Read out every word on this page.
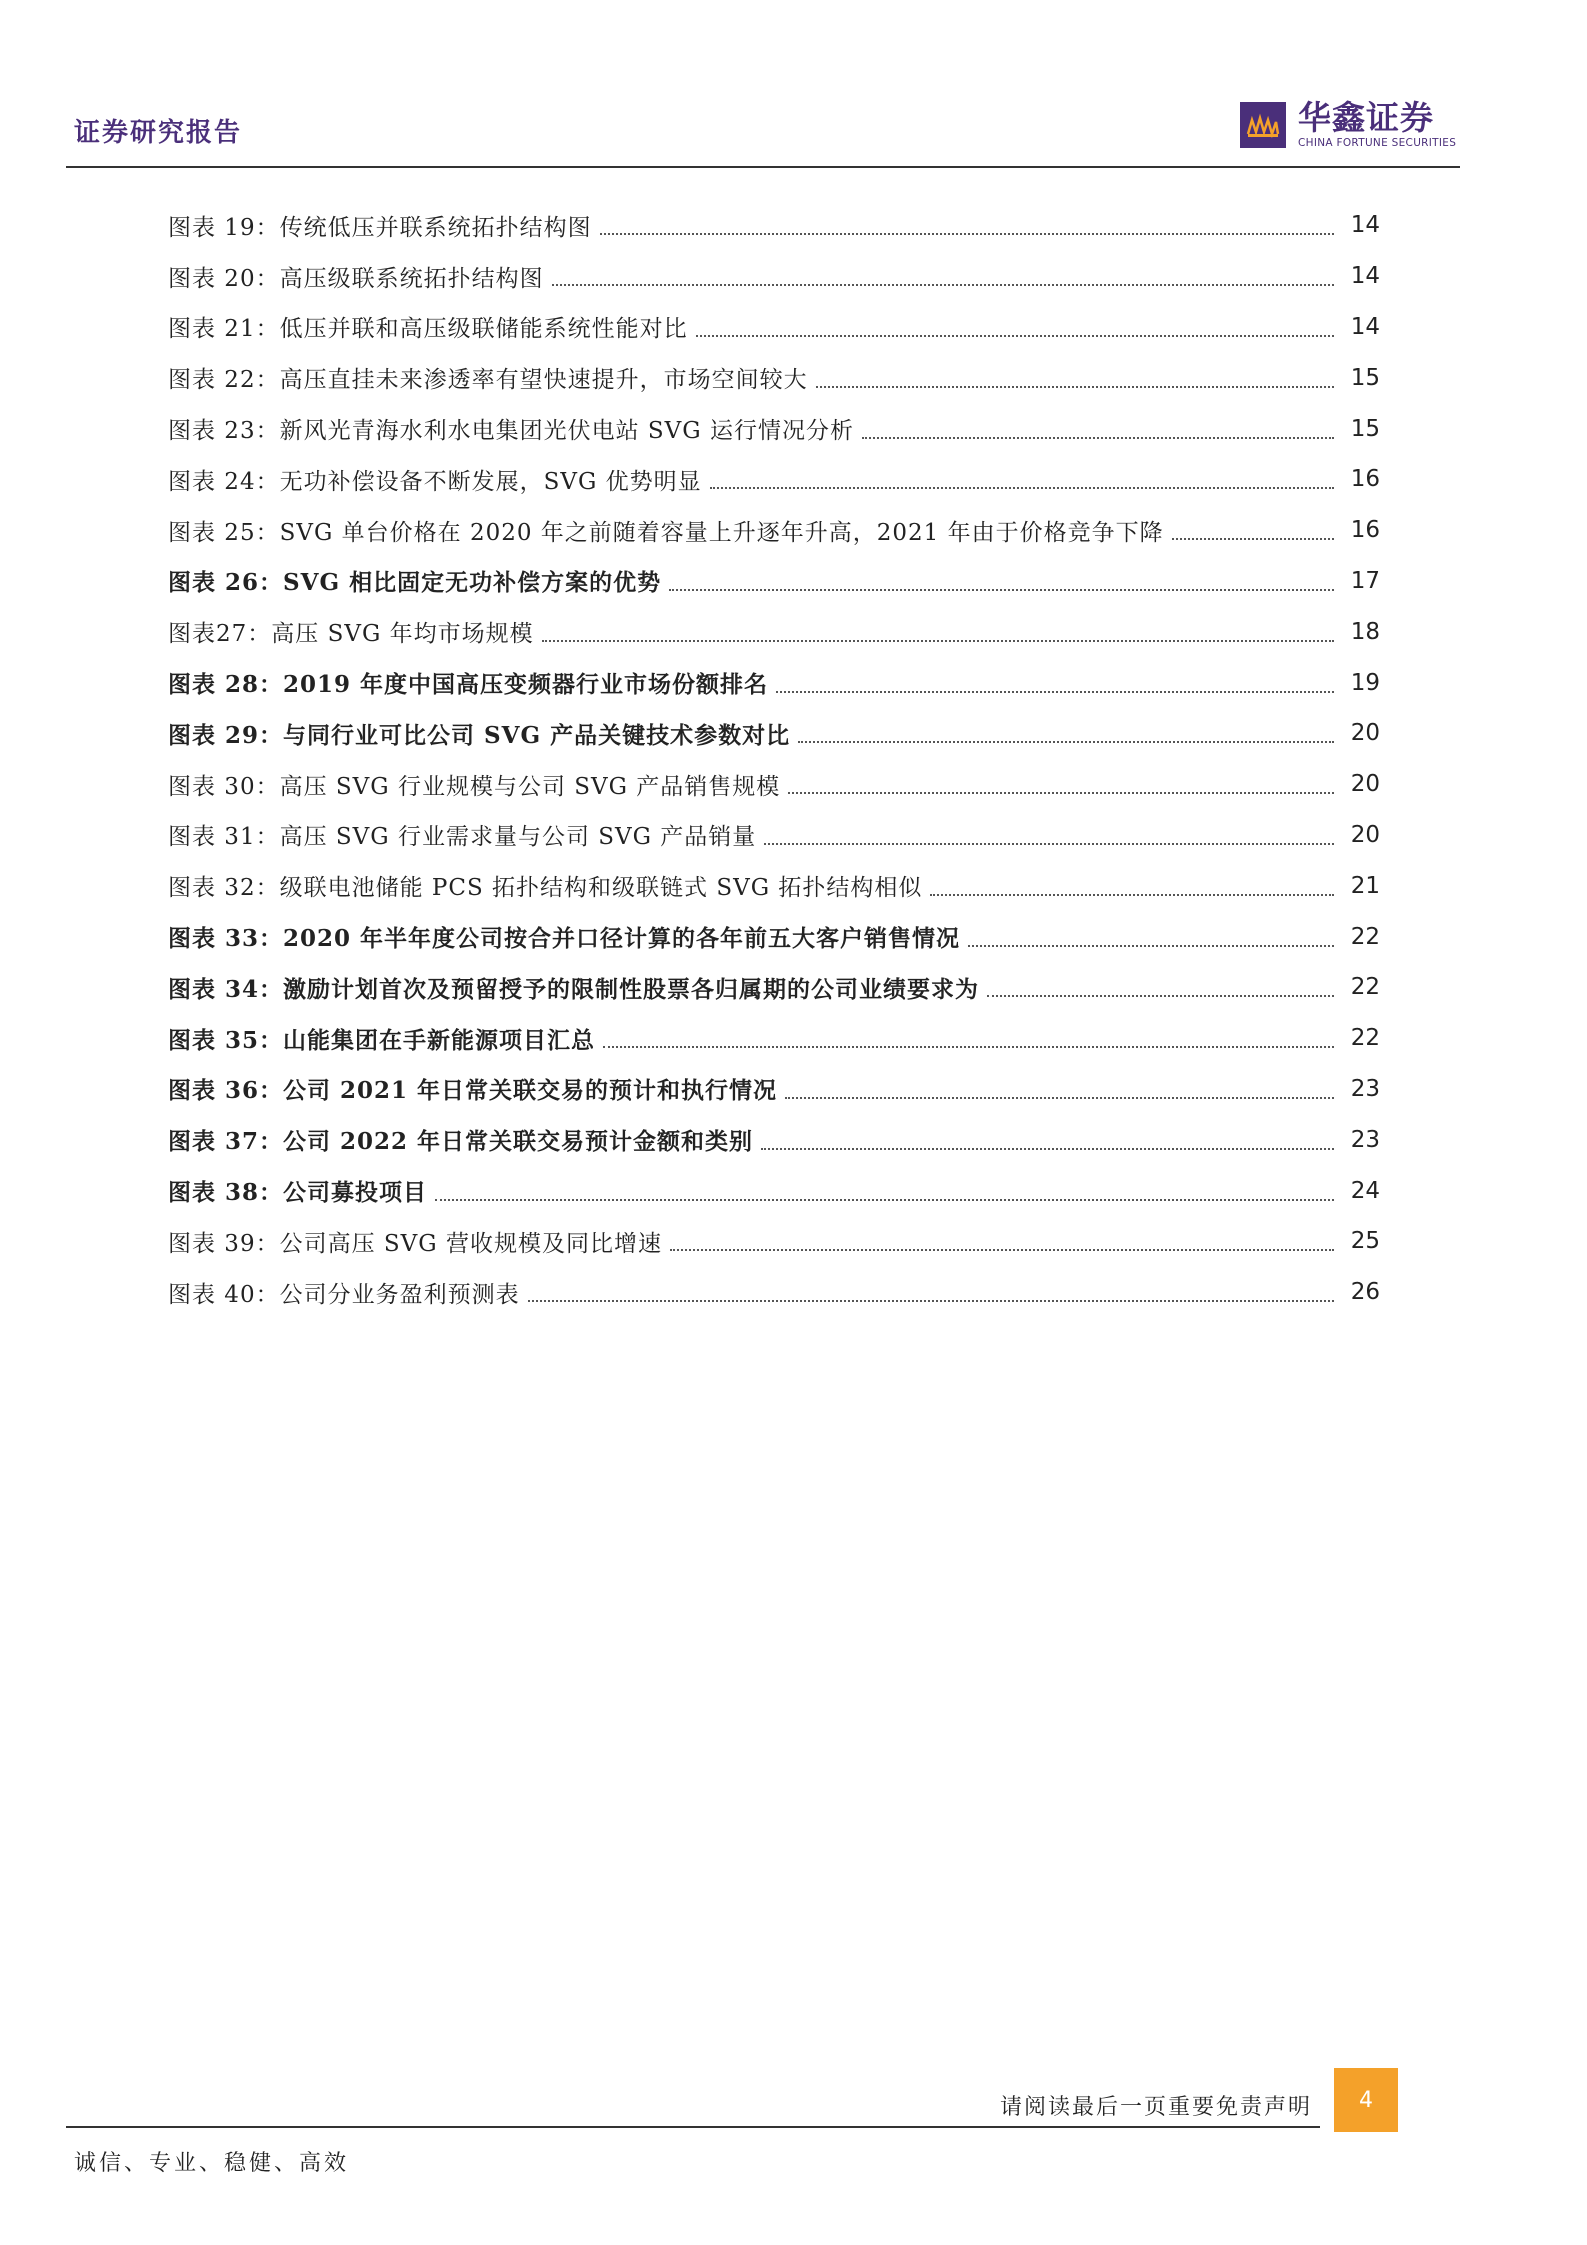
证券研究报告	华鑫证券
CHINA FORTUNE SECURITIES
图表 19：传统低压并联系统拓扑结构图	14
图表 20：高压级联系统拓扑结构图	14
图表 21：低压并联和高压级联储能系统性能对比	14
图表 22：高压直挂未来渗透率有望快速提升，市场空间较大	15
图表 23：新风光青海水利水电集团光伏电站 SVG 运行情况分析	15
图表 24：无功补偿设备不断发展，SVG 优势明显	16
图表 25：SVG 单台价格在 2020 年之前随着容量上升逐年升高，2021 年由于价格竞争下降	16
图表 26：SVG 相比固定无功补偿方案的优势	17
图表27：高压 SVG 年均市场规模	18
图表 28：2019 年度中国高压变频器行业市场份额排名	19
图表 29：与同行业可比公司 SVG 产品关键技术参数对比	20
图表 30：高压 SVG 行业规模与公司 SVG 产品销售规模	20
图表 31：高压 SVG 行业需求量与公司 SVG 产品销量	20
图表 32：级联电池储能 PCS 拓扑结构和级联链式 SVG 拓扑结构相似	21
图表 33：2020 年半年度公司按合并口径计算的各年前五大客户销售情况	22
图表 34：激励计划首次及预留授予的限制性股票各归属期的公司业绩要求为	22
图表 35：山能集团在手新能源项目汇总	22
图表 36：公司 2021 年日常关联交易的预计和执行情况	23
图表 37：公司 2022 年日常关联交易预计金额和类别	23
图表 38：公司募投项目	24
图表 39：公司高压 SVG 营收规模及同比增速	25
图表 40：公司分业务盈利预测表	26
请阅读最后一页重要免责声明	4
诚信、专业、稳健、高效
